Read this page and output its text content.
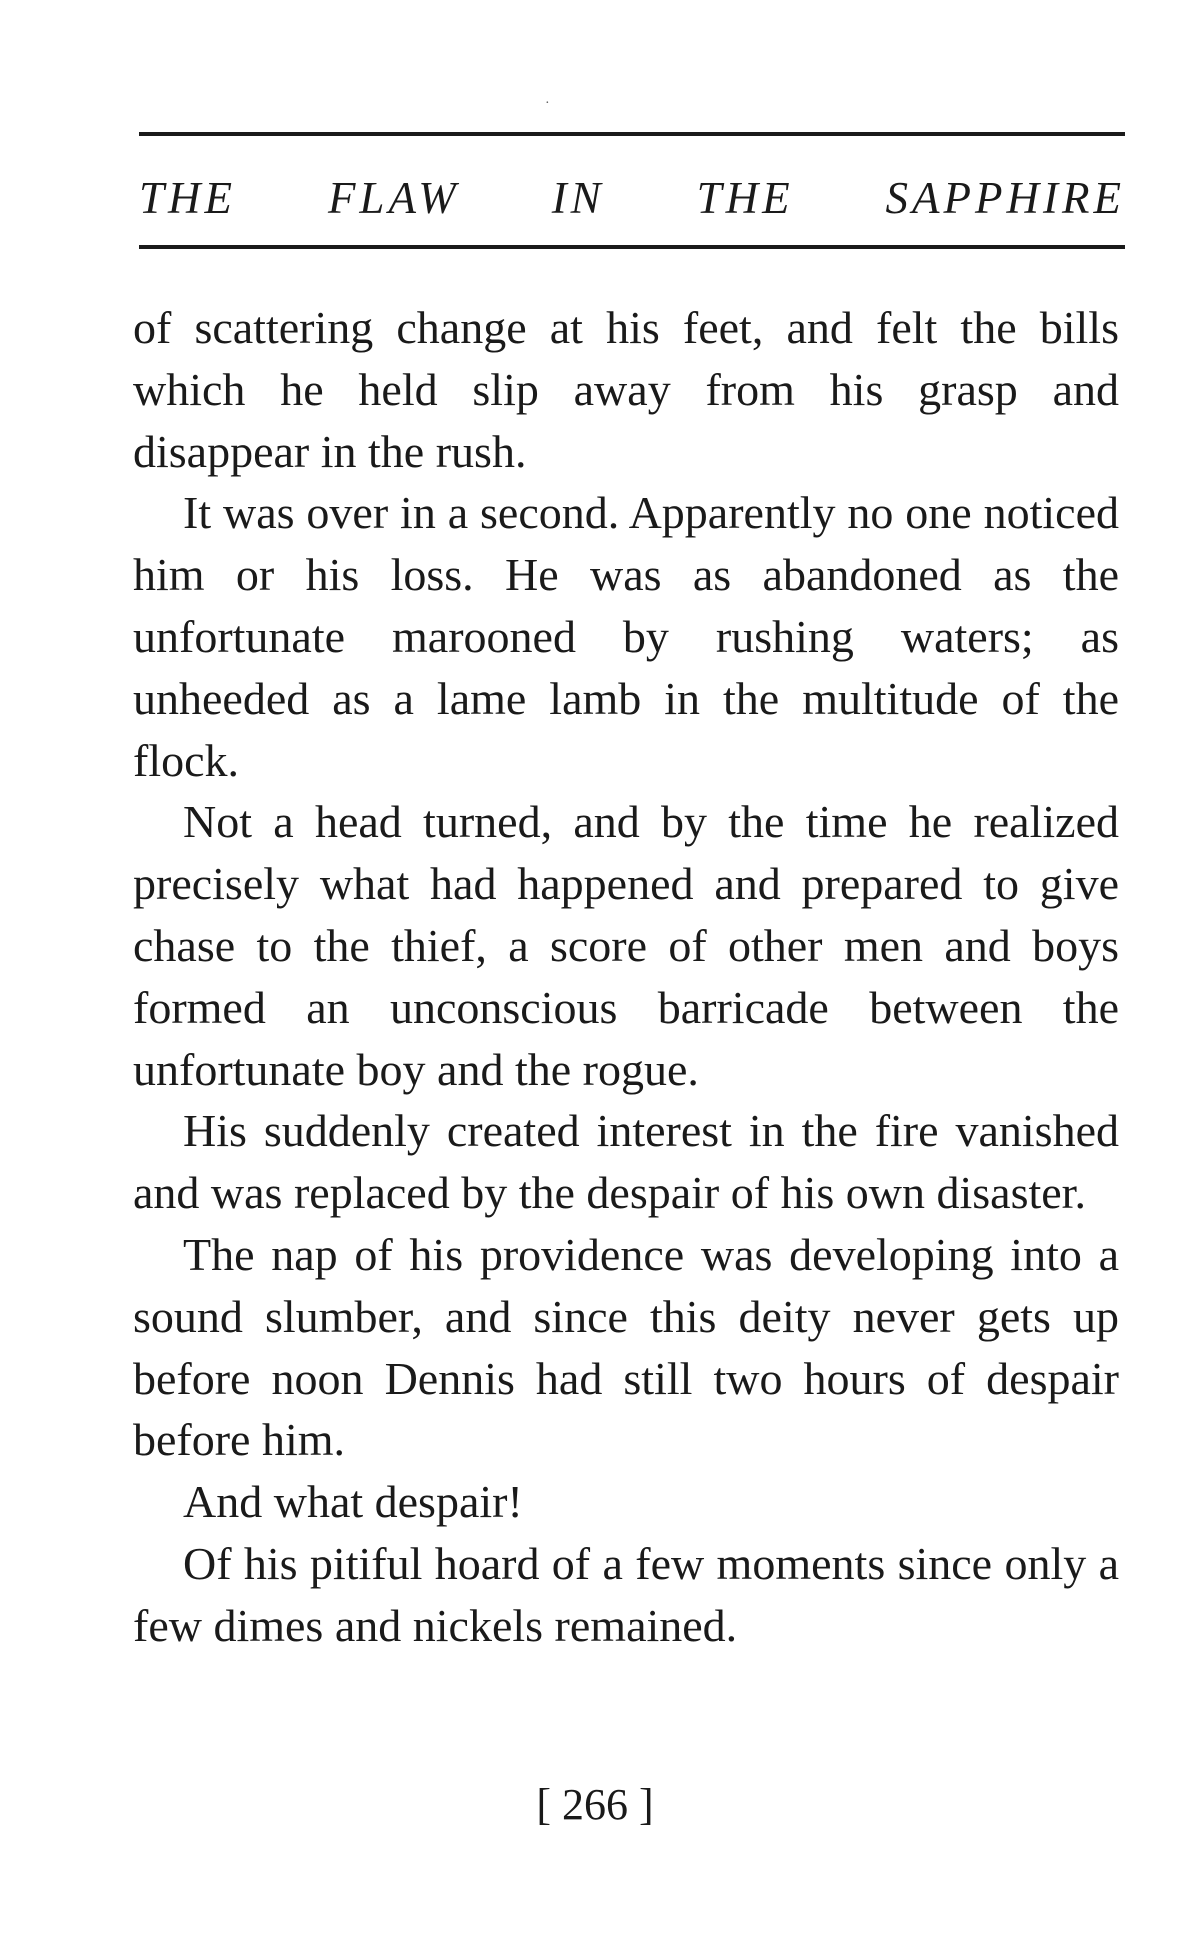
·
THE FLAW IN THE SAPPHIRE

of scattering change at his feet, and felt the bills which he held slip away from his grasp and disappear in the rush.

It was over in a second. Apparently no one noticed him or his loss. He was as abandoned as the unfortunate marooned by rushing waters; as unheeded as a lame lamb in the multitude of the flock.

Not a head turned, and by the time he realized precisely what had happened and prepared to give chase to the thief, a score of other men and boys formed an unconscious barricade between the unfortunate boy and the rogue.

His suddenly created interest in the fire vanished and was replaced by the despair of his own disaster.

The nap of his providence was developing into a sound slumber, and since this deity never gets up before noon Dennis had still two hours of despair before him.

And what despair!

Of his pitiful hoard of a few moments since only a few dimes and nickels remained.

[ 266 ]
